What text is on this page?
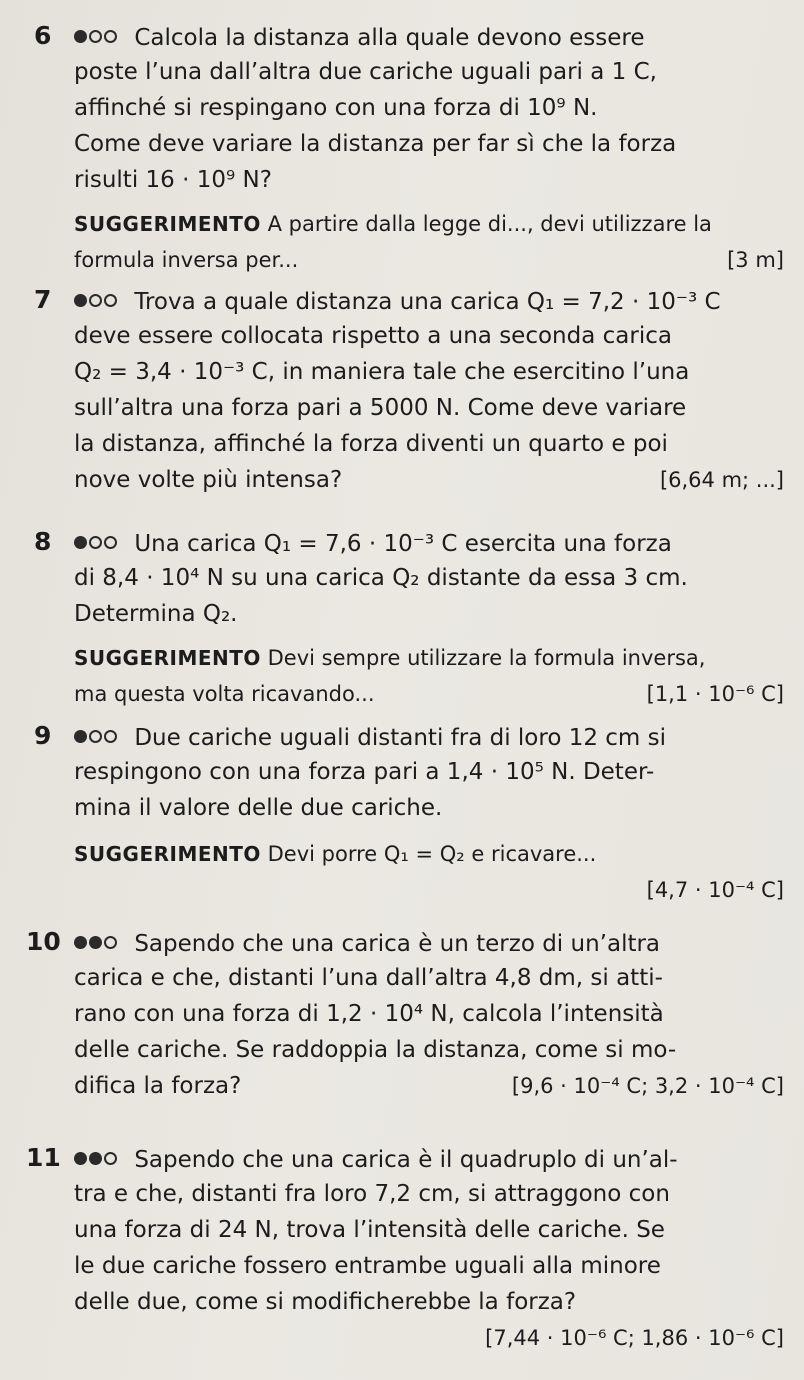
6	Calcola la distanza alla quale devono essere
poste l’una dall’altra due cariche uguali pari a 1 C,
affinché si respingano con una forza di 10⁹ N.
Come deve variare la distanza per far sì che la forza
risulti 16 · 10⁹ N?
SUGGERIMENTO A partire dalla legge di..., devi utilizzare la
formula inversa per...	[3 m]
7	Trova a quale distanza una carica Q₁ = 7,2 · 10⁻³ C
deve essere collocata rispetto a una seconda carica
Q₂ = 3,4 · 10⁻³ C, in maniera tale che esercitino l’una
sull’altra una forza pari a 5000 N. Come deve variare
la distanza, affinché la forza diventi un quarto e poi
nove volte più intensa?	[6,64 m; ...]
8	Una carica Q₁ = 7,6 · 10⁻³ C esercita una forza
di 8,4 · 10⁴ N su una carica Q₂ distante da essa 3 cm.
Determina Q₂.
SUGGERIMENTO Devi sempre utilizzare la formula inversa,
ma questa volta ricavando...	[1,1 · 10⁻⁶ C]
9	Due cariche uguali distanti fra di loro 12 cm si
respingono con una forza pari a 1,4 · 10⁵ N. Deter-
mina il valore delle due cariche.
SUGGERIMENTO Devi porre Q₁ = Q₂ e ricavare...
[4,7 · 10⁻⁴ C]
10	Sapendo che una carica è un terzo di un’altra
carica e che, distanti l’una dall’altra 4,8 dm, si atti-
rano con una forza di 1,2 · 10⁴ N, calcola l’intensità
delle cariche. Se raddoppia la distanza, come si mo-
difica la forza?	[9,6 · 10⁻⁴ C; 3,2 · 10⁻⁴ C]
11	Sapendo che una carica è il quadruplo di un’al-
tra e che, distanti fra loro 7,2 cm, si attraggono con
una forza di 24 N, trova l’intensità delle cariche. Se
le due cariche fossero entrambe uguali alla minore
delle due, come si modificherebbe la forza?
[7,44 · 10⁻⁶ C; 1,86 · 10⁻⁶ C]
